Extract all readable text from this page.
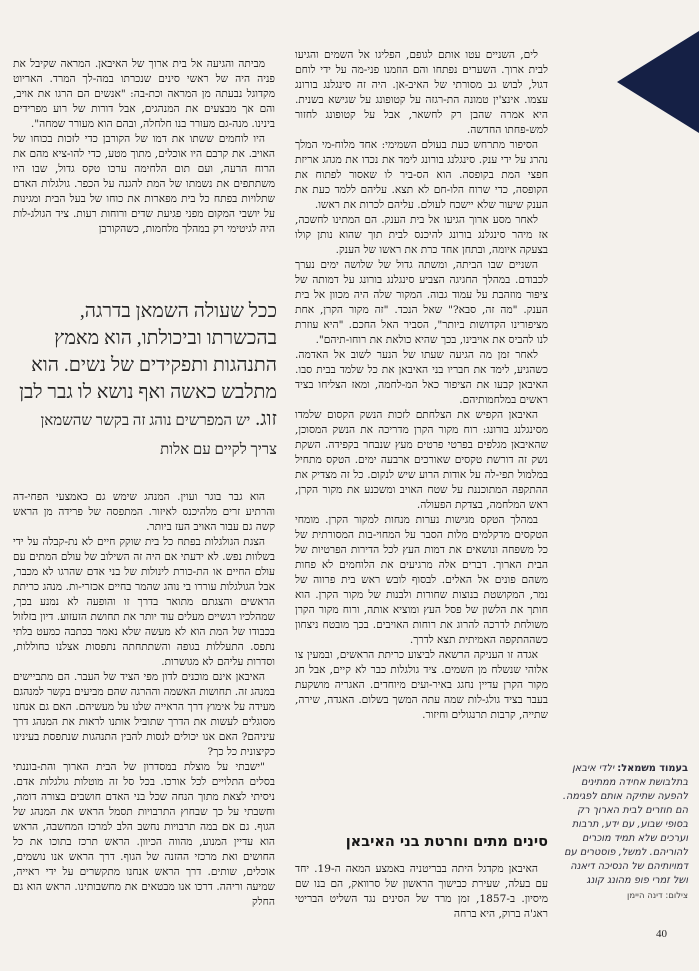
לים, השניים עטו אותם לגופם, הפליגו אל השמים והגיעו לבית ארוך. השערים נפתחו והם הוזמנו פני-מה על ידי לוחם דגול, לבוש גב מסורתי של האיב-אן. היה זה סינגלנג בורונג עצמו. אינצ'ין טמונה הת-רגזה על קטופונג על שגישא בשנית. היא אמרה שהבן רק לחשאר, אבל על קטופונג לחזור למש-פחתו החדשה.

הסיפור מתרחש כעת בעולם השמימי: אחד מלוח-מי המלך נהרג על ידי ענק. סינגלנג בורונג לימד את נכדו את מגהג אריזת חפצי המת בקופסה. הוא הס-ביר לו שאסור לפתוח את הקופסה, כדי שרוח הלו-חם לא תצא. עליהם ללמד כעת את הענק שיעור שלא יישכח לעולם. עליהם לכרות את ראשו.

לאחר מסע ארוך הגיעו אל בית הענק. הם המתינו לחשכה, אז מיהר סינגלנג בורונג להיכנס לבית תוך שהוא נותן קולו בצעקה איומה, ובתחן אחד כרת את ראשו של הענק.

השניים שבו הביתה, ומשתה גדול של שלושה ימים נערך לכבודם. במהלך החגיגה הצביע סינגלנג בורונג על דמותה של ציפור מוזהבת על עמוד גבוה. המקור שלה היה מכוון אל בית הענק. "מה זה, סבא?" שאל הנכד. "זה מקור הקרן, אחת מציפורינו הקדושות ביותר", הסביר האל החכם. "היא עוזרת לנו להביס את אויבינו, בכך שהיא כולאת את רוחו-תיהם".

לאחר זמן מה הגיעה שעתו של הנער לשוב אל האדמה. כשהגיע, לימד את חבריו בני האיבאן את כל שלמד בבית סבו. האיבאן קבעו את הציפור כאל המ-לחמה, ומאז הצליחו בציד ראשים במלחמותיהם.

האיבאן הקפיש את הצלחתם לזכות הנשק הקסום שלמדו מסינגלנג בורונג: רוח מקור הקרן מדריכה את הנשק המסוכן, שהאיבאן מגלפים בפרטי פרטים מעץ שנבחר בקפידה. השקת נשק זה דורשת טקסים שאורכים ארבעה ימים. הטקס מתחיל במלמול תפי-לה על אודות הרוע שיש לנקום. כל זה מצדיק את ההתקפה המתוכננת על שטח האויב ומשכנע את מקור הקרן, ראש המלחמה, בצדקת הפעולה.

במהלך הטקס מגישות נערות מנחות למקור הקרן. מומחי הטקסים מדקלמים מלות הסבר על המחוי-בות המסורתית של כל משפחה ונושאים את דמות העץ לכל הדירות הפרטיות של הבית הארוך. דברים אלה מרגיעים את הלוחמים לא פחות משהם פונים אל האלים. לבסוף לובש ראש בית פרווה של נמר, המקושטת בנוצות שחורות ולבנות של מקור הקרן. הוא חותך את הלשון של פסל העץ ומוציא אותה, ורוח מקור הקרן משולחת לדרכה להרוג את רוחות האויבים. בכך מובטח ניצחון כשההתקפה האמיתית תצא לדרך.

אגדה זו העניקה הרשאה לביצוע כריתת הראשים, ובמעין צו אלוהי שנשלח מן השמים. ציד גולגלות כבר לא קיים, אבל חג מקור הקרן עדיין נחגג באיר-ועים מיוחדים. האגריה מושקעת בעבר בציד גולג-לות שמה עתה המשך בשלום. האגדה, שירה, שתייה, קרבות תרנגולים וחיזור.

סינים מתים וחרטת בני האיבאן

האיבאן מקדגל היתה בבריטניה באמצע המאה ה-19. יחד עם בעלה, שעירת כבישוך הראשון של סרוואק, הם בנו שם מיסיון. ב-1857, זמן מרד של הסינים נגד השליט הבריטי ראג'ה ברוק, היא ברחה

מביתה והגיעה אל בית ארוך של האיבאן. המראה שקיבל את פניה היה של ראשי סינים שנכרתו במה-לך המרד. האריוט מקדוגל נבעתה מן המראה וכת-בה: "אנשים הם הרגו את אויב, והם אך מבצעים את המנהגים, אבל דורות של רוע מפרידים בינינו. מנה-גם מעורר בנו חלחלה, ובהם הוא מעורר שמחה".

היו לוחמים ששתו את דמו של הקורבן כדי לזכות בכוחו של האויב. את קרבם היו אוכלים, מתוך מטע, כדי להו-ציא מהם את הרוח הרעה, ועם תום הלחימה ערכו טקס גדול, שבו היו משתתפים את נשמתו של המת להגנה על הכפר. גולגלות האדם שתלויות בפתח כל בית מפארות את כוחו של בעל הבית ומגינות על יושבי המקום מפני פגיעת שדים ורוחות רעות. ציד הגולג-לות היה לגיטימי רק במהלך מלחמות, כשהקורבן

ככל שעולה השמאן בדרגה, בהכשרתו וביכולתו, הוא מאמץ התנהגות ותפקידים של נשים. הוא מתלבש כאשה ואף נושא לו גבר לבן זוג. יש המפרשים נוהג זה בקשר שהשמאן צריך לקיים עם אלות

הוא גבר בוגר ועוין. המנהג שימש גם כאמצעי הפחי-דה והרתיע זרים מלהיכנס לאיזור. המתפסה של פרידה מן הראש קשה גם עבור האויב העז ביותר.

הצגת הגולגלות בפתח כל בית שוקק חיים לא נת-קבלה על ידי בשלוות נפש. לא ידעתי אם היה זה השילוב של עולם המתים עם עולם החיים או הת-כורת לינולות של בני אדם שהרגו לא מכבר, אבל הגולגלות עוררו בי נוהג שהמר בחיים אכזרי-ות. מנהג כריתת הראשים והצגתם מתואר בדרך זו והופעה לא נמנע בכך, שמהלכיו רגשיים מעלים עוד יותר את תחושת הזעזוע. דיון בזלזול בכבודו של המת הוא לא מעשה שלא נאמר בכתבה כמעט בלתי נתפס. התעללות בגופה והשתתחתה נתפסות אצלנו כחוללות, וסדרות עליהם לא מגושרות.

האיבאן אינם מוכנים לדון מפי הציד של העבר. הם מתביישים במנהג זה. תחושות האשמה וההרגה שהם מביעים בקשר למנהגם מעידה על אימוץ דרך הראייה שלנו על מעשיהם. האם גם אנחנו מסוגלים לעשות את הדרך שתוביל אותנו לראות את המנהג דרך עיניהם? האם אנו יכולים לנסות להבין התנהגות שנתפסת בעינינו כקיצונית כל כך?

"ישבתי על מוצלת במסדרון של הבית הארוך והת-בוננתי בסלים התלויים לכל אורכו. בכל סל זה מוטלות גולגלות אדם. ניסיתי לצאת מתוך הנחה שכל בני האדם חושבים בצורה דומה, וחשבתי על כך שבחוץ התרבויות תסמל הראש את המנהג של הגוף. גם אם במה תרבויות נחשב הלב למרכז המחשבה, הראש הוא עדיין המנוע, מהווה הכיוון. הראש תרכז בתוכו את כל החושים ואת מרכזי ההזנה של הגוף. דרך הראש אנו נושמים, אוכלים, שותים. דרך הראש אנחנו מתקשרים על ידי ראייה, שמיעה וריהה. דרכו אנו מבטאים את מחשבותינו. הראש הוא גם החלק

בעמוד משמאל: ילדי איבאן בתלבושת אחידה ממתינים להפעה שתיקה אותם לפגימה. הם חוזרים לבית הארוך רק בסופי שבוע, עם ידע, תרבות וערכים שלא תמיד מוכרים להוריהם. למשל, פוסטרים עם דמויותיהם של הנסיכה דיאנה ושל זמרי פופ מהונג קונג
צילום: דינה היימן
40
